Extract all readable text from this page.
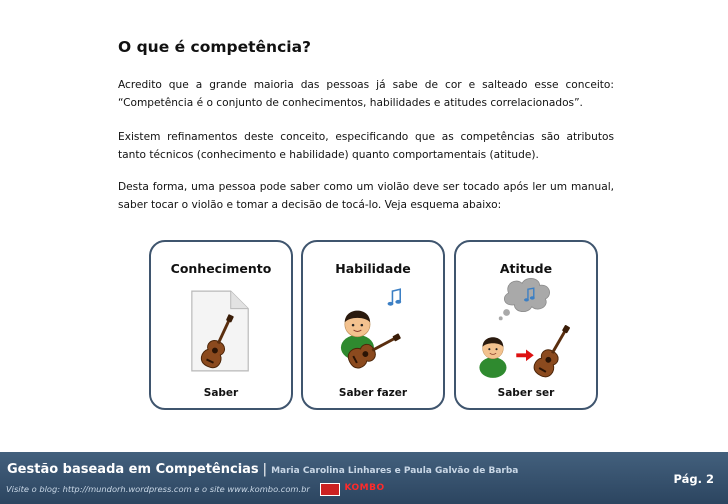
O que é competência?

Acredito que a grande maioria das pessoas já sabe de cor e salteado esse conceito: “Competência é o conjunto de conhecimentos, habilidades e atitudes correlacionados”.

Existem refinamentos deste conceito, especificando que as competências são atributos tanto técnicos (conhecimento e habilidade) quanto comportamentais (atitude).

Desta forma, uma pessoa pode saber como um violão deve ser tocado após ler um manual, saber tocar o violão e tomar a decisão de tocá-lo. Veja esquema abaixo:

Conhecimento
Saber
Habilidade
Saber fazer
Atitude
Saber ser
Gestão baseada em Competências | Maria Carolina Linhares e Paula Galvão de Barba
Visite o blog: http://mundorh.wordpress.com e o site www.kombo.com.br	KOMBO
Pág. 2
